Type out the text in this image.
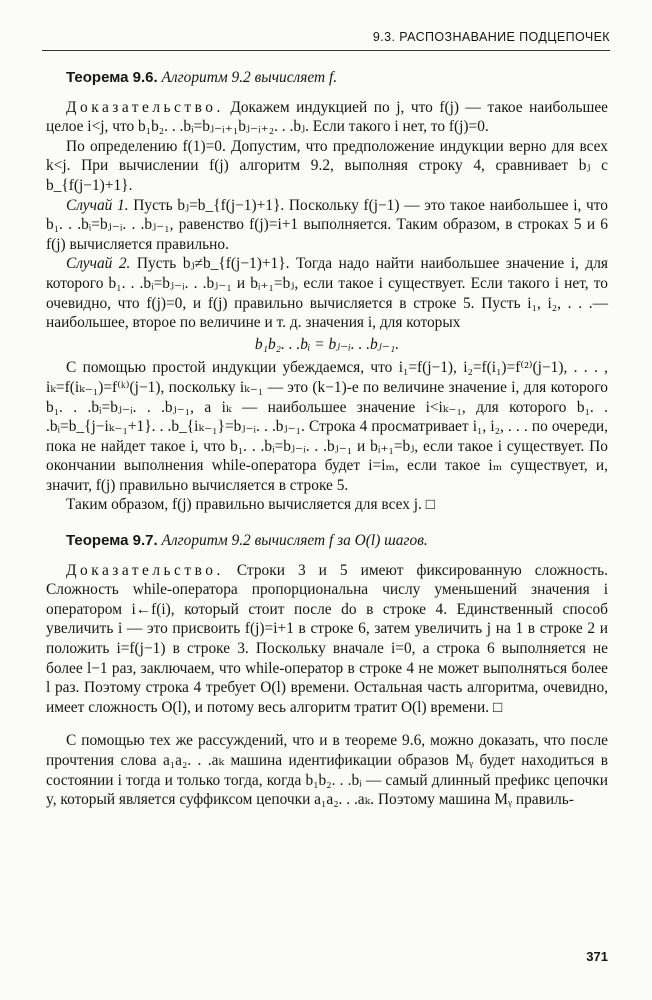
9.3. РАСПОЗНАВАНИЕ ПОДЦЕПОЧЕК
Теорема 9.6. Алгоритм 9.2 вычисляет f.

Доказательство. Докажем индукцией по j, что f(j) — такое наибольшее целое i<j, что b₁b₂. . .bᵢ=bⱼ₋ᵢ₊₁bⱼ₋ᵢ₊₂. . .bⱼ. Если такого i нет, то f(j)=0.

По определению f(1)=0. Допустим, что предположение индукции верно для всех k<j. При вычислении f(j) алгоритм 9.2, выполняя строку 4, сравнивает bⱼ с b_{f(j−1)+1}.

Случай 1. Пусть bⱼ=b_{f(j−1)+1}. Поскольку f(j−1) — это такое наибольшее i, что b₁. . .bᵢ=bⱼ₋ᵢ. . .bⱼ₋₁, равенство f(j)=i+1 выполняется. Таким образом, в строках 5 и 6 f(j) вычисляется правильно.

Случай 2. Пусть bⱼ≠b_{f(j−1)+1}. Тогда надо найти наибольшее значение i, для которого b₁. . .bᵢ=bⱼ₋ᵢ. . .bⱼ₋₁ и bᵢ₊₁=bⱼ, если такое i существует. Если такого i нет, то очевидно, что f(j)=0, и f(j) правильно вычисляется в строке 5. Пусть i₁, i₂, . . .— наибольшее, второе по величине и т. д. значения i, для которых

b₁b₂. . .bᵢ = bⱼ₋ᵢ. . .bⱼ₋₁.

С помощью простой индукции убеждаемся, что i₁=f(j−1), i₂=f(i₁)=f⁽²⁾(j−1), . . . , iₖ=f(iₖ₋₁)=f⁽ᵏ⁾(j−1), поскольку iₖ₋₁ — это (k−1)-е по величине значение i, для которого b₁. . .bᵢ=bⱼ₋ᵢ. . .bⱼ₋₁, а iₖ — наибольшее значение i<iₖ₋₁, для которого b₁. . .bᵢ=b_{j−iₖ₋₁+1}. . .b_{iₖ₋₁}=bⱼ₋ᵢ. . .bⱼ₋₁. Строка 4 просматривает i₁, i₂, . . . по очереди, пока не найдет такое i, что b₁. . .bᵢ=bⱼ₋ᵢ. . .bⱼ₋₁ и bᵢ₊₁=bⱼ, если такое i существует. По окончании выполнения while-оператора будет i=iₘ, если такое iₘ существует, и, значит, f(j) правильно вычисляется в строке 5.

Таким образом, f(j) правильно вычисляется для всех j. □

Теорема 9.7. Алгоритм 9.2 вычисляет f за O(l) шагов.

Доказательство. Строки 3 и 5 имеют фиксированную сложность. Сложность while-оператора пропорциональна числу уменьшений значения i оператором i←f(i), который стоит после do в строке 4. Единственный способ увеличить i — это присвоить f(j)=i+1 в строке 6, затем увеличить j на 1 в строке 2 и положить i=f(j−1) в строке 3. Поскольку вначале i=0, а строка 6 выполняется не более l−1 раз, заключаем, что while-оператор в строке 4 не может выполняться более l раз. Поэтому строка 4 требует O(l) времени. Остальная часть алгоритма, очевидно, имеет сложность O(l), и потому весь алгоритм тратит O(l) времени. □

С помощью тех же рассуждений, что и в теореме 9.6, можно доказать, что после прочтения слова a₁a₂. . .aₖ машина идентификации образов Mᵧ будет находиться в состоянии i тогда и только тогда, когда b₁b₂. . .bᵢ — самый длинный префикс цепочки y, который является суффиксом цепочки a₁a₂. . .aₖ. Поэтому машина Mᵧ правиль-

371
